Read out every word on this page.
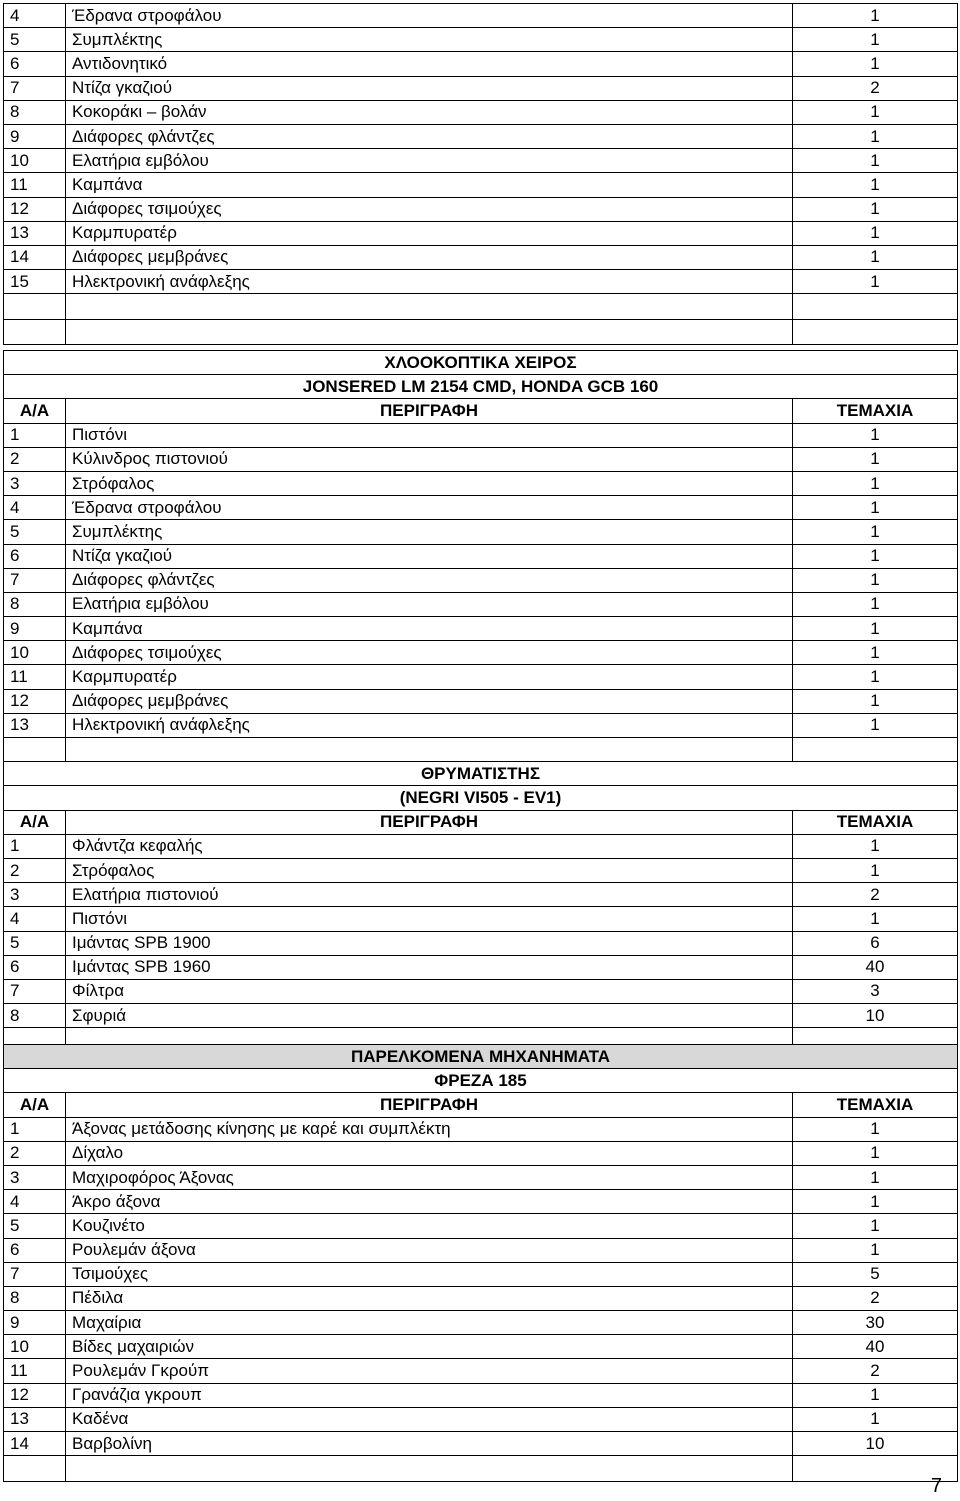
4	Έδρανα στροφάλου	1
5	Συμπλέκτης	1
6	Αντιδονητικό	1
7	Ντίζα γκαζιού	2
8	Κοκοράκι – βολάν	1
9	Διάφορες φλάντζες	1
10	Ελατήρια εμβόλου	1
11	Καμπάνα	1
12	Διάφορες τσιμούχες	1
13	Καρμπυρατέρ	1
14	Διάφορες μεμβράνες	1
15	Ηλεκτρονική ανάφλεξης	1

ΧΛΟΟΚΟΠΤΙΚΑ ΧΕΙΡΟΣ		
JONSERED LM 2154 CMD, HONDA GCB 160		
Α/Α	ΠΕΡΙΓΡΑΦΗ	ΤΕΜΑΧΙΑ
1	Πιστόνι	1
2	Κύλινδρος πιστονιού	1
3	Στρόφαλος	1
4	Έδρανα στροφάλου	1
5	Συμπλέκτης	1
6	Ντίζα γκαζιού	1
7	Διάφορες φλάντζες	1
8	Ελατήρια εμβόλου	1
9	Καμπάνα	1
10	Διάφορες τσιμούχες	1
11	Καρμπυρατέρ	1
12	Διάφορες μεμβράνες	1
13	Ηλεκτρονική ανάφλεξης	1

ΘΡΥΜΑΤΙΣΤΗΣ		
(NEGRI VI505 - EV1)		
Α/Α	ΠΕΡΙΓΡΑΦΗ	ΤΕΜΑΧΙΑ
1	Φλάντζα κεφαλής	1
2	Στρόφαλος	1
3	Ελατήρια πιστονιού	2
4	Πιστόνι	1
5	Ιμάντας SPB 1900	6
6	Ιμάντας SPB 1960	40
7	Φίλτρα	3
8	Σφυριά	10

ΠΑΡΕΛΚΟΜΕΝΑ ΜΗΧΑΝΗΜΑΤΑ		
ΦΡΕΖΑ 185		
Α/Α	ΠΕΡΙΓΡΑΦΗ	ΤΕΜΑΧΙΑ
1	Άξονας μετάδοσης κίνησης με καρέ και συμπλέκτη	1
2	Δίχαλο	1
3	Μαχιροφόρος Άξονας	1
4	Άκρο άξονα	1
5	Κουζινέτο	1
6	Ρουλεμάν άξονα	1
7	Τσιμούχες	5
8	Πέδιλα	2
9	Μαχαίρια	30
10	Βίδες μαχαιριών	40
11	Ρουλεμάν Γκρούπ	2
12	Γρανάζια γκρουπ	1
13	Καδένα	1
14	Βαρβολίνη	10

7
